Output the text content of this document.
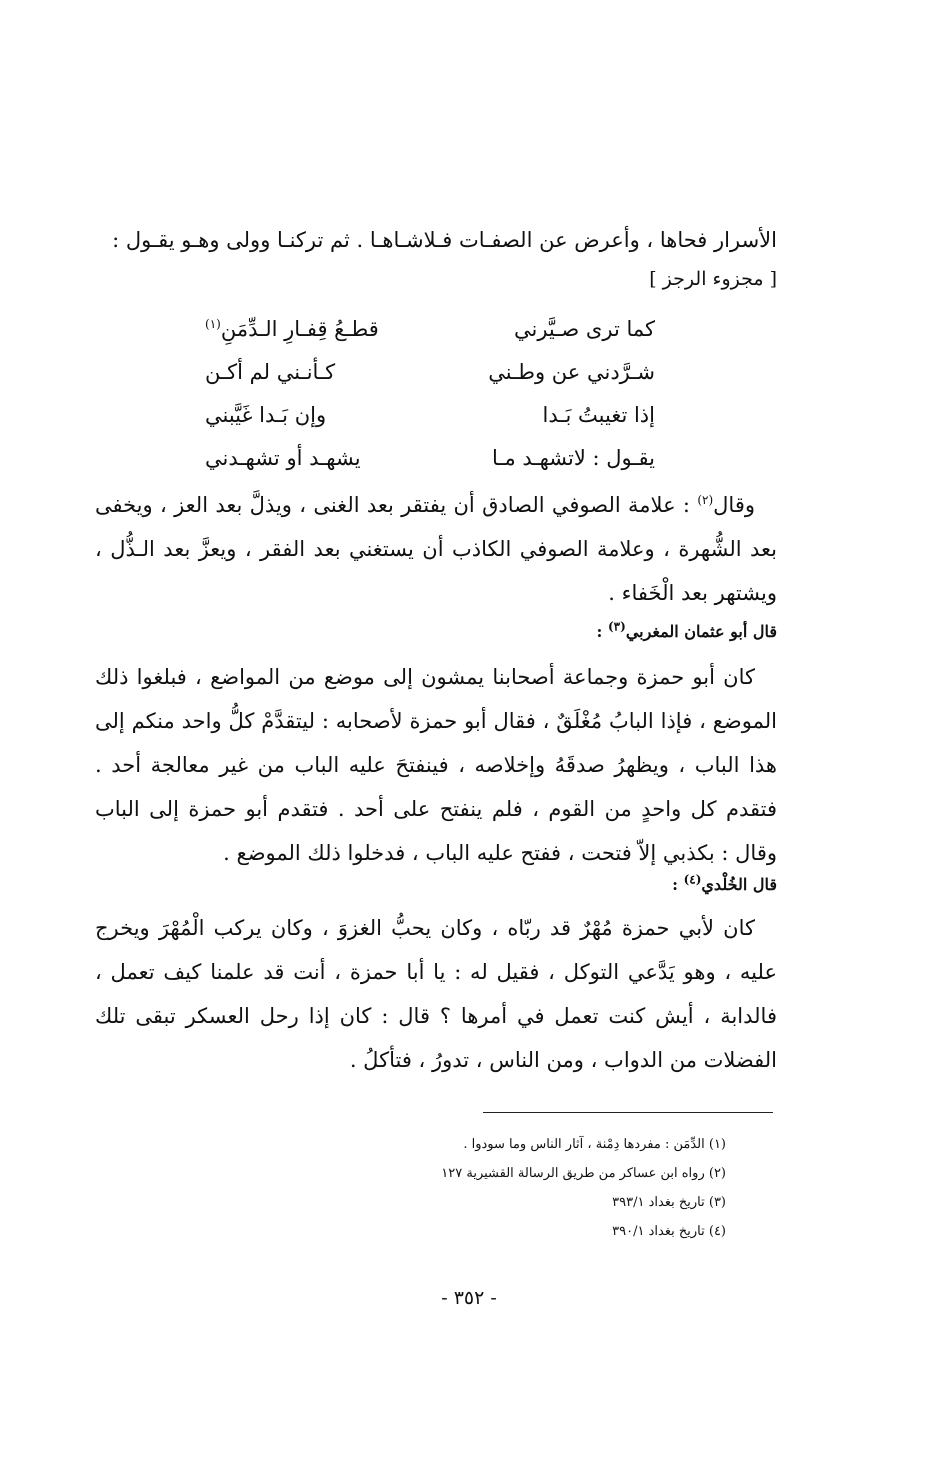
الأسرار فحاها ، وأعرض عن الصفـات فـلاشـاهـا . ثم تركنـا وولى وهـو يقـول :
[ مجزوء الرجز ]
كما ترى صـيَّرني
قطـعُ قِفـارِ الـدِّمَنِ$^{(١)}$
شـرَّدني عن وطـني
كـأنـني لم أكـن
إذا تغيبتُ بَـدا
وإن بَـدا غَيَّبني
يقـول : لاتشهـد مـا
يشهـد أو تشهـدني
وقال$^{(٢)}$ : علامة الصوفي الصادق أن يفتقر بعد الغنى ، ويذلَّ بعد العز ، ويخفى بعد الشُّهرة ، وعلامة الصوفي الكاذب أن يستغني بعد الفقر ، ويعزَّ بعد الـذُّل ، ويشتهر بعد الْخَفاء .
قال أبو عثمان المغربي$^{(٣)}$ :
كان أبو حمزة وجماعة أصحابنا يمشون إلى موضع من المواضع ، فبلغوا ذلك الموضع ، فإذا البابُ مُغْلَقٌ ، فقال أبو حمزة لأصحابه : ليتقدَّمْ كلُّ واحد منكم إلى هذا الباب ، ويظهرُ صدقَهُ وإخلاصه ، فينفتحَ عليه الباب من غير معالجة أحد . فتقدم كل واحدٍ من القوم ، فلم ينفتح على أحد . فتقدم أبو حمزة إلى الباب وقال : بكذبي إلاّ فتحت ، ففتح عليه الباب ، فدخلوا ذلك الموضع .
قال الخُلْدي$^{(٤)}$ :
كان لأبي حمزة مُهْرٌ قد ربّاه ، وكان يحبُّ الغزوَ ، وكان يركب الْمُهْرَ ويخرج عليه ، وهو يَدَّعي التوكل ، فقيل له : يا أبا حمزة ، أنت قد علمنا كيف تعمل ، فالدابة ، أيش كنت تعمل في أمرها ؟ قال : كان إذا رحل العسكر تبقى تلك الفضلات من الدواب ، ومن الناس ، تدورُ ، فتأكلُ .
(١) الدِّمَن : مفردها دِمْنة ، آثار الناس وما سودوا .
(٢) رواه ابن عساكر من طريق الرسالة القشيرية ١٢٧
(٣) تاريخ بغداد ٣٩٣/١
(٤) تاريخ بغداد ٣٩٠/١
- ٣٥٢ -
